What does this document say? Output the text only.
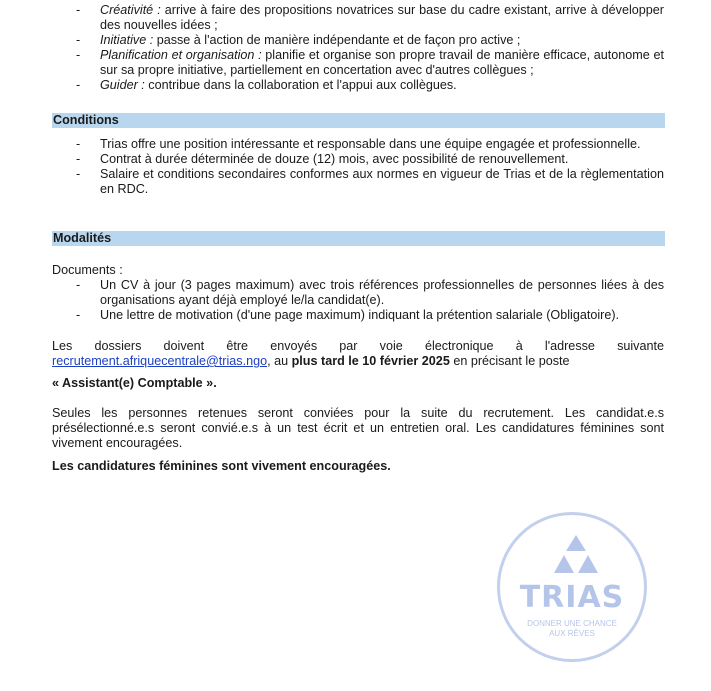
- Créativité : arrive à faire des propositions novatrices sur base du cadre existant, arrive à développer des nouvelles idées ;
- Initiative : passe à l'action de manière indépendante et de façon pro active ;
- Planification et organisation : planifie et organise son propre travail de manière efficace, autonome et sur sa propre initiative, partiellement en concertation avec d'autres collègues ;
- Guider : contribue dans la collaboration et l'appui aux collègues.
Conditions
- Trias offre une position intéressante et responsable dans une équipe engagée et professionnelle.
- Contrat à durée déterminée de douze (12) mois, avec possibilité de renouvellement.
- Salaire et conditions secondaires conformes aux normes en vigueur de Trias et de la règlementation en RDC.
Modalités
Documents :
- Un CV à jour (3 pages maximum) avec trois références professionnelles de personnes liées à des organisations ayant déjà employé le/la candidat(e).
- Une lettre de motivation (d'une page maximum) indiquant la prétention salariale (Obligatoire).
Les dossiers doivent être envoyés par voie électronique à l'adresse suivante
recrutement.afriquecentrale@trias.ngo, au plus tard le 10 février 2025 en précisant le poste
« Assistant(e) Comptable ».
Seules les personnes retenues seront conviées pour la suite du recrutement. Les candidat.e.s présélectionné.e.s seront convié.e.s à un test écrit et un entretien oral. Les candidatures féminines sont vivement encouragées.
Les candidatures féminines sont vivement encouragées.
TRIAS
DONNER UNE CHANCE
AUX RÊVES
